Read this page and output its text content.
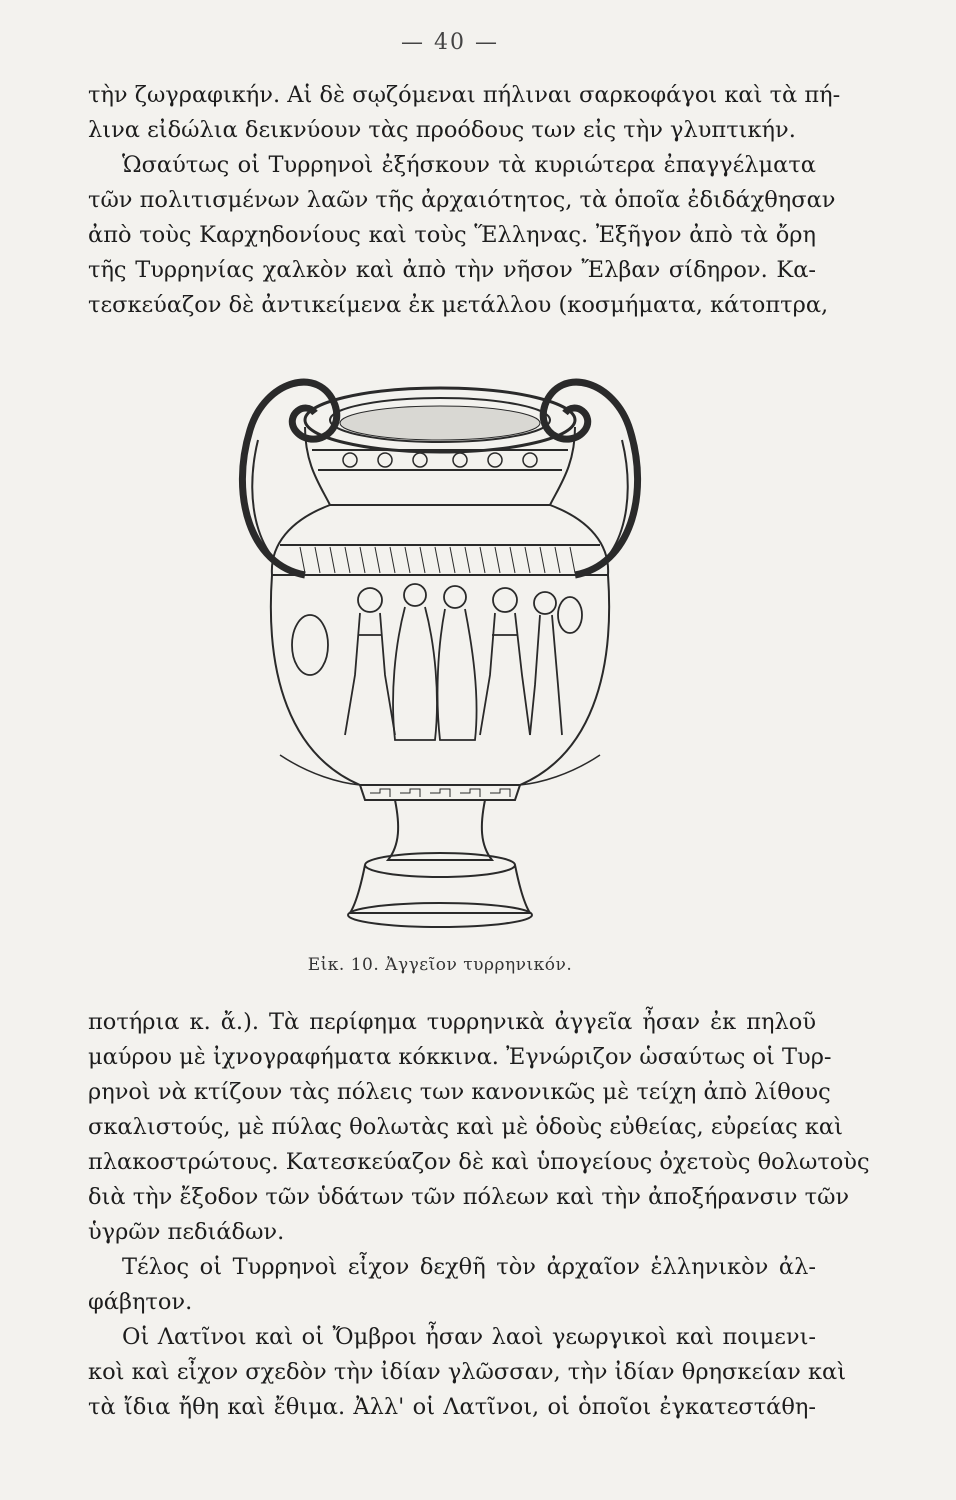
— 40 —
τὴν ζωγραφικήν. Αἱ δὲ σῳζόμεναι πήλιναι σαρκοφάγοι καὶ τὰ πή-
λινα εἰδώλια δεικνύουν τὰς προόδους των εἰς τὴν γλυπτικήν.
Ὡσαύτως οἱ Τυρρηνοὶ ἐξήσκουν τὰ κυριώτερα ἐπαγγέλματα
τῶν πολιτισμένων λαῶν τῆς ἀρχαιότητος, τὰ ὁποῖα ἐδιδάχθησαν
ἀπὸ τοὺς Καρχηδονίους καὶ τοὺς Ἕλληνας. Ἐξῆγον ἀπὸ τὰ ὄρη
τῆς Τυρρηνίας χαλκὸν καὶ ἀπὸ τὴν νῆσον Ἔλβαν σίδηρον. Κα-
τεσκεύαζον δὲ ἀντικείμενα ἐκ μετάλλου (κοσμήματα, κάτοπτρα,
Εἰκ. 10. Ἀγγεῖον τυρρηνικόν.
ποτήρια κ. ἄ.). Τὰ περίφημα τυρρηνικὰ ἀγγεῖα ἦσαν ἐκ πηλοῦ
μαύρου μὲ ἰχνογραφήματα κόκκινα. Ἐγνώριζον ὡσαύτως οἱ Τυρ-
ρηνοὶ νὰ κτίζουν τὰς πόλεις των κανονικῶς μὲ τείχη ἀπὸ λίθους
σκαλιστούς, μὲ πύλας θολωτὰς καὶ μὲ ὁδοὺς εὐθείας, εὐρείας καὶ
πλακοστρώτους. Κατεσκεύαζον δὲ καὶ ὑπογείους ὀχετοὺς θολωτοὺς
διὰ τὴν ἔξοδον τῶν ὑδάτων τῶν πόλεων καὶ τὴν ἀποξήρανσιν τῶν
ὑγρῶν πεδιάδων.
Τέλος οἱ Τυρρηνοὶ εἶχον δεχθῆ τὸν ἀρχαῖον ἑλληνικὸν ἀλ-
φάβητον.
Οἱ Λατῖνοι καὶ οἱ Ὄμβροι ἦσαν λαοὶ γεωργικοὶ καὶ ποιμενι-
κοὶ καὶ εἶχον σχεδὸν τὴν ἰδίαν γλῶσσαν, τὴν ἰδίαν θρησκείαν καὶ
τὰ ἴδια ἤθη καὶ ἔθιμα. Ἀλλ' οἱ Λατῖνοι, οἱ ὁποῖοι ἐγκατεστάθη-
